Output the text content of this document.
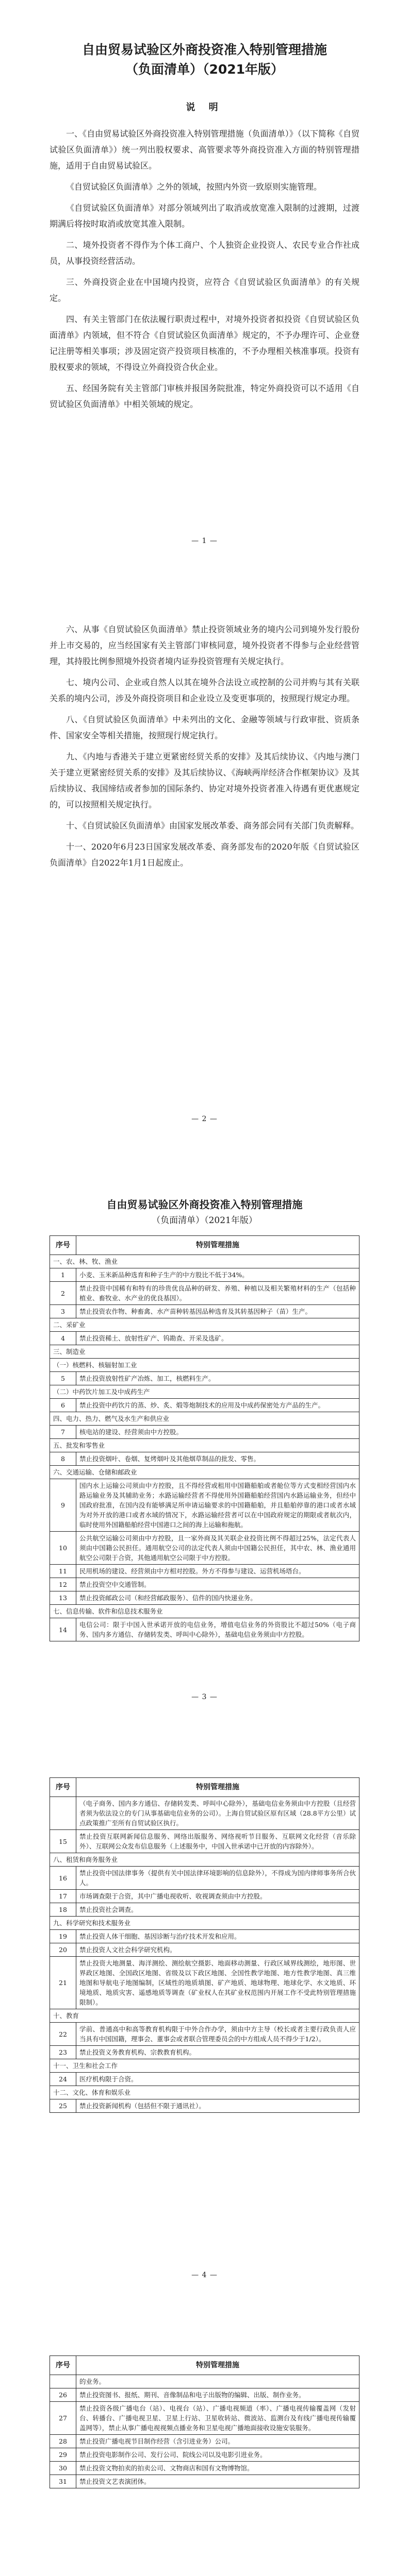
自由贸易试验区外商投资准入特别管理措施

（负面清单）（2021年版）

说 明

一、《自由贸易试验区外商投资准入特别管理措施（负面清单）》（以下简称《自贸试验区负面清单》）统一列出股权要求、高管要求等外商投资准入方面的特别管理措施，适用于自由贸易试验区。

《自贸试验区负面清单》之外的领域，按照内外资一致原则实施管理。

《自贸试验区负面清单》对部分领域列出了取消或放宽准入限制的过渡期，过渡期满后将按时取消或放宽其准入限制。

二、境外投资者不得作为个体工商户、个人独资企业投资人、农民专业合作社成员，从事投资经营活动。

三、外商投资企业在中国境内投资，应符合《自贸试验区负面清单》的有关规定。

四、有关主管部门在依法履行职责过程中，对境外投资者拟投资《自贸试验区负面清单》内领域，但不符合《自贸试验区负面清单》规定的，不予办理许可、企业登记注册等相关事项；涉及固定资产投资项目核准的，不予办理相关核准事项。投资有股权要求的领域，不得设立外商投资合伙企业。

五、经国务院有关主管部门审核并报国务院批准，特定外商投资可以不适用《自贸试验区负面清单》中相关领域的规定。

— 1 —

六、从事《自贸试验区负面清单》禁止投资领域业务的境内公司到境外发行股份并上市交易的，应当经国家有关主管部门审核同意，境外投资者不得参与企业经营管理，其持股比例参照境外投资者境内证券投资管理有关规定执行。

七、境内公司、企业或自然人以其在境外合法设立或控制的公司并购与其有关联关系的境内公司，涉及外商投资项目和企业设立及变更事项的，按照现行规定办理。

八、《自贸试验区负面清单》中未列出的文化、金融等领域与行政审批、资质条件、国家安全等相关措施，按照现行规定执行。

九、《内地与香港关于建立更紧密经贸关系的安排》及其后续协议、《内地与澳门关于建立更紧密经贸关系的安排》及其后续协议、《海峡两岸经济合作框架协议》及其后续协议、我国缔结或者参加的国际条约、协定对境外投资者准入待遇有更优惠规定的，可以按照相关规定执行。

十、《自贸试验区负面清单》由国家发展改革委、商务部会同有关部门负责解释。

十一、2020年6月23日国家发展改革委、商务部发布的2020年版《自贸试验区负面清单》自2022年1月1日起废止。

— 2 —

自由贸易试验区外商投资准入特别管理措施

（负面清单）（2021年版）

序号	特别管理措施
一、农、林、牧、渔业	
1	小麦、玉米新品种选育和种子生产的中方股比不低于34%。
2	禁止投资中国稀有和特有的珍贵优良品种的研发、养殖、种植以及相关繁殖材料的生产（包括种植业、畜牧业、水产业的优良基因）。
3	禁止投资农作物、种畜禽、水产苗种转基因品种选育及其转基因种子（苗）生产。
二、采矿业	
4	禁止投资稀土、放射性矿产、钨勘查、开采及选矿。
三、制造业	
（一）核燃料、核辐射加工业	
5	禁止投资放射性矿产冶炼、加工，核燃料生产。
（二）中药饮片加工及中成药生产	
6	禁止投资中药饮片的蒸、炒、炙、煅等炮制技术的应用及中成药保密处方产品的生产。
四、电力、热力、燃气及水生产和供应业	
7	核电站的建设、经营须由中方控股。
五、批发和零售业	
8	禁止投资烟叶、卷烟、复烤烟叶及其他烟草制品的批发、零售。
六、交通运输、仓储和邮政业	
9	国内水上运输公司须由中方控股，且不得经营或租用中国籍船舶或者舱位等方式变相经营国内水路运输业务及其辅助业务；水路运输经营者不得使用外国籍船舶经营国内水路运输业务，但经中国政府批准，在国内没有能够满足所申请运输要求的中国籍船舶，并且船舶停靠的港口或者水域为对外开放的港口或者水域的情况下，水路运输经营者可以在中国政府规定的期限或者航次内，临时使用外国籍船舶经营中国港口之间的海上运输和拖航。
10	公共航空运输公司须由中方控股，且一家外商及其关联企业投资比例不得超过25%，法定代表人须由中国籍公民担任。通用航空公司的法定代表人须由中国籍公民担任，其中农、林、渔业通用航空公司限于合资，其他通用航空公司限于中方控股。
11	民用机场的建设、经营须由中方相对控股。外方不得参与建设、运营机场塔台。
12	禁止投资空中交通管制。
13	禁止投资邮政公司（和经营邮政服务）、信件的国内快递业务。
七、信息传输、软件和信息技术服务业	
14	电信公司：限于中国入世承诺开放的电信业务，增值电信业务的外资股比不超过50%（电子商务、国内多方通信、存储转发类、呼叫中心除外），基础电信业务须由中方控股。
— 3 —
序号	特别管理措施
	（电子商务、国内多方通信、存储转发类、呼叫中心除外），基础电信业务须由中方控股（且经营者须为依法设立的专门从事基础电信业务的公司）。上海自贸试验区原有区域（28.8平方公里）试点政策推广至所有自贸试验区执行。
15	禁止投资互联网新闻信息服务、网络出版服务、网络视听节目服务、互联网文化经营（音乐除外）、互联网公众发布信息服务（上述服务中，中国入世承诺中已开放的内容除外）。
八、租赁和商务服务业	
16	禁止投资中国法律事务（提供有关中国法律环境影响的信息除外），不得成为国内律师事务所合伙人。
17	市场调查限于合资，其中广播电视收听、收视调查须由中方控股。
18	禁止投资社会调查。
九、科学研究和技术服务业	
19	禁止投资人体干细胞、基因诊断与治疗技术开发和应用。
20	禁止投资人文社会科学研究机构。
21	禁止投资大地测量、海洋测绘、测绘航空摄影、地面移动测量、行政区域界线测绘，地形图、世界政区地图、全国政区地图、省级及以下政区地图、全国性教学地图、地方性教学地图、真三维地图和导航电子地图编制，区域性的地质填图、矿产地质、地球物理、地球化学、水文地质、环境地质、地质灾害、遥感地质等调查（矿业权人在其矿业权范围内开展工作不受此特别管理措施限制）。
十、教育	
22	学前、普通高中和高等教育机构限于中外合作办学，须由中方主导（校长或者主要行政负责人应当具有中国国籍，理事会、董事会或者联合管理委员会的中方组成人员不得少于1/2）。
23	禁止投资义务教育机构、宗教教育机构。
十一、卫生和社会工作	
24	医疗机构限于合资。
十二、文化、体育和娱乐业	
25	禁止投资新闻机构（包括但不限于通讯社）。
— 4 —
序号	特别管理措施
	的业务。
26	禁止投资图书、报纸、期刊、音像制品和电子出版物的编辑、出版、制作业务。
27	禁止投资各级广播电台（站）、电视台（站）、广播电视频道（率）、广播电视传输覆盖网（发射台、转播台、广播电视卫星、卫星上行站、卫星收转站、微波站、监测台及有线广播电视传输覆盖网等），禁止从事广播电视视频点播业务和卫星电视广播地面接收设施安装服务。
28	禁止投资广播电视节目制作经营（含引进业务）公司。
29	禁止投资电影制作公司、发行公司、院线公司以及电影引进业务。
30	禁止投资文物拍卖的拍卖公司、文物商店和国有文物博物馆。
31	禁止投资文艺表演团体。
